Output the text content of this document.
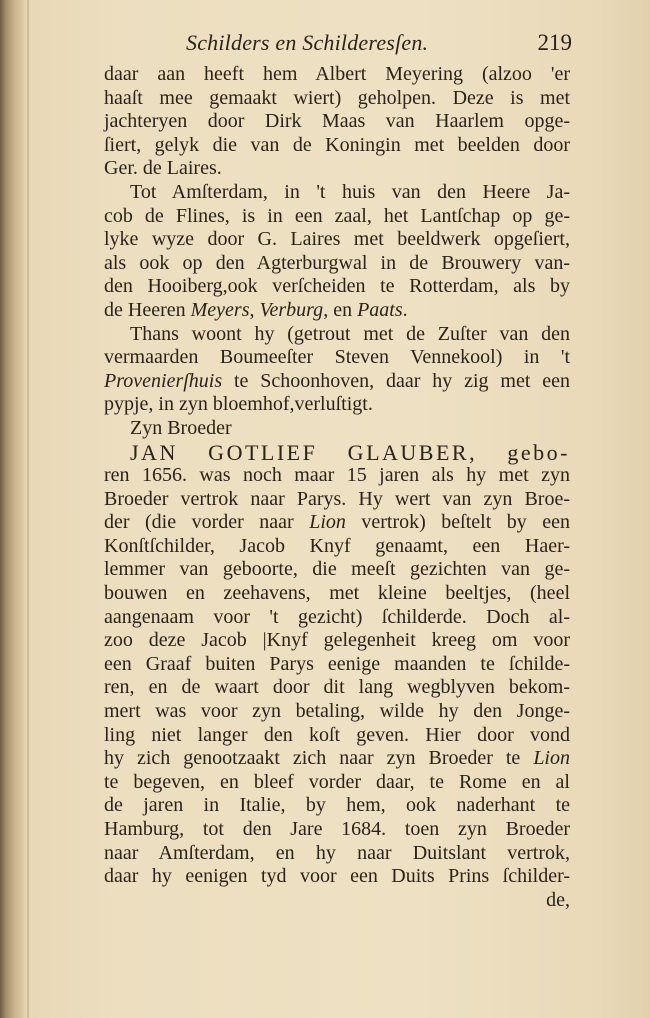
Schilders en Schilderesſen.	219
daar aan heeft hem Albert Meyering (alzoo 'er
haaſt mee gemaakt wiert) geholpen. Deze is met
jachteryen door Dirk Maas van Haarlem opge-
ſiert, gelyk die van de Koningin met beelden door
Ger. de Laires.
Tot Amſterdam, in 't huis van den Heere Ja-
cob de Flines, is in een zaal, het Lantſchap op ge-
lyke wyze door G. Laires met beeldwerk opgeſiert,
als ook op den Agterburgwal in de Brouwery van-
den Hooiberg,ook verſcheiden te Rotterdam, als by
de Heeren Meyers, Verburg, en Paats.
Thans woont hy (getrout met de Zuſter van den
vermaarden Boumeeſter Steven Vennekool) in 't
Provenierſhuis te Schoonhoven, daar hy zig met een
pypje, in zyn bloemhof,verluſtigt.
Zyn Broeder
JAN GOTLIEF GLAUBER, gebo-
ren 1656. was noch maar 15 jaren als hy met zyn
Broeder vertrok naar Parys. Hy wert van zyn Broe-
der (die vorder naar Lion vertrok) beſtelt by een
Konſtſchilder, Jacob Knyf genaamt, een Haer-
lemmer van geboorte, die meeſt gezichten van ge-
bouwen en zeehavens, met kleine beeltjes, (heel
aangenaam voor 't gezicht) ſchilderde. Doch al-
zoo deze Jacob |Knyf gelegenheit kreeg om voor
een Graaf buiten Parys eenige maanden te ſchilde-
ren, en de waart door dit lang wegblyven bekom-
mert was voor zyn betaling, wilde hy den Jonge-
ling niet langer den koſt geven. Hier door vond
hy zich genootzaakt zich naar zyn Broeder te Lion
te begeven, en bleef vorder daar, te Rome en al
de jaren in Italie, by hem, ook naderhant te
Hamburg, tot den Jare 1684. toen zyn Broeder
naar Amſterdam, en hy naar Duitslant vertrok,
daar hy eenigen tyd voor een Duits Prins ſchilder-
de,
